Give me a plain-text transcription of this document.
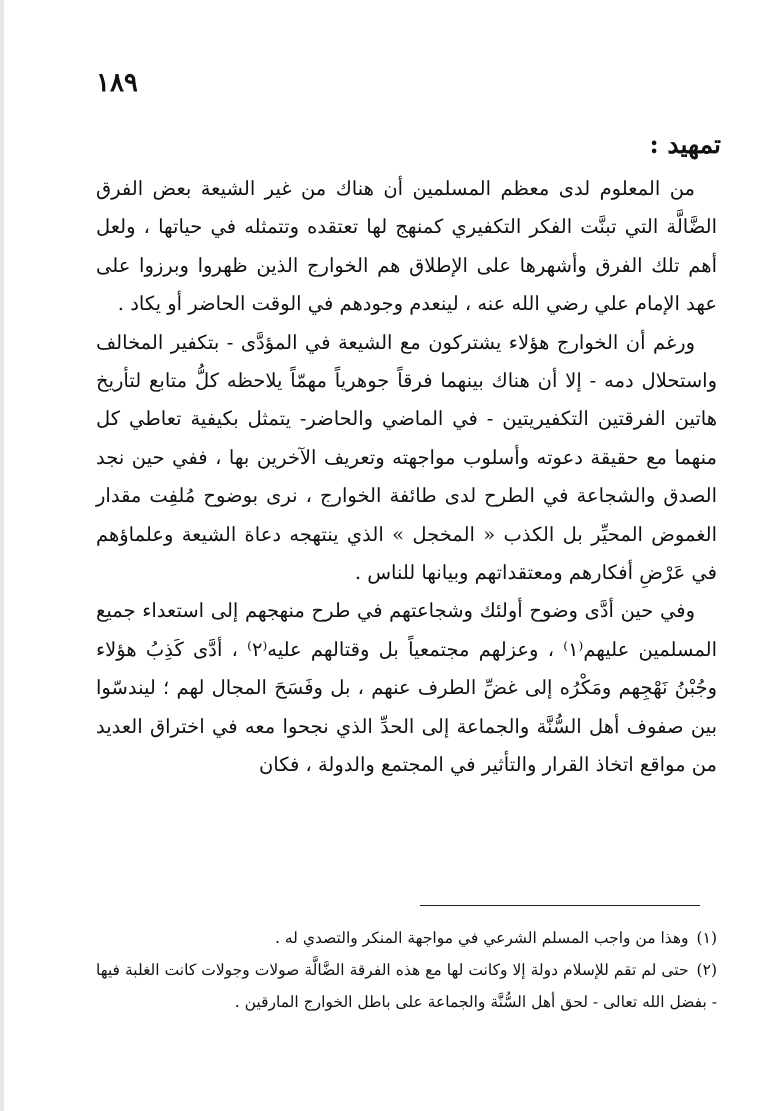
١٨٩
تمهيد :

من المعلوم لدى معظم المسلمين أن هناك من غير الشيعة بعض الفرق الضَّالَّة التي تبنَّت الفكر التكفيري كمنهج لها تعتقده وتتمثله في حياتها ، ولعل أهم تلك الفرق وأشهرها على الإطلاق هم الخوارج الذين ظهروا وبرزوا على عهد الإمام علي رضي الله عنه ، لينعدم وجودهم في الوقت الحاضر أو يكاد .

ورغم أن الخوارج هؤلاء يشتركون مع الشيعة في المؤدَّى - بتكفير المخالف واستحلال دمه - إلا أن هناك بينهما فرقاً جوهرياً مهمّاً يلاحظه كلُّ متابع لتأريخ هاتين الفرقتين التكفيريتين - في الماضي والحاضر- يتمثل بكيفية تعاطي كل منهما مع حقيقة دعوته وأسلوب مواجهته وتعريف الآخرين بها ، ففي حين نجد الصدق والشجاعة في الطرح لدى طائفة الخوارج ، نرى بوضوح مُلفِت مقدار الغموض المحيِّر بل الكذب « المخجل » الذي ينتهجه دعاة الشيعة وعلماؤهم في عَرْضِ أفكارهم ومعتقداتهم وبيانها للناس .

وفي حين أدَّى وضوح أولئك وشجاعتهم في طرح منهجهم إلى استعداء جميع المسلمين عليهم⁽١⁾ ، وعزلهم مجتمعياً بل وقتالهم عليه⁽٢⁾ ، أدَّى كَذِبُ هؤلاء وجُبْنُ نَهْجِهم ومَكْرُه إلى غضِّ الطرف عنهم ، بل وفَسَحَ المجال لهم ؛ ليندسّوا بين صفوف أهل السُّنَّة والجماعة إلى الحدِّ الذي نجحوا معه في اختراق العديد من مواقع اتخاذ القرار والتأثير في المجتمع والدولة ، فكان

(١)وهذا من واجب المسلم الشرعي في مواجهة المنكر والتصدي له .

(٢)حتى لم تقم للإسلام دولة إلا وكانت لها مع هذه الفرقة الضَّالَّة صولات وجولات كانت الغلبة فيها - بفضل الله تعالى - لحق أهل السُّنَّة والجماعة على باطل الخوارج المارقين .
